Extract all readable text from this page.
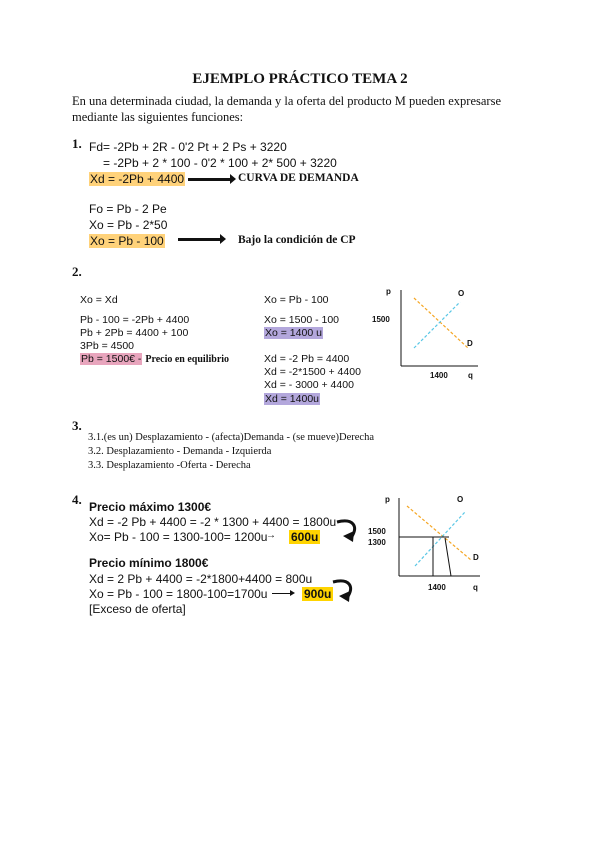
EJEMPLO PRÁCTICO TEMA 2
En una determinada ciudad, la demanda y la oferta del producto M pueden expresarse
mediante las siguientes funciones:
1. Fd= -2Pb + 2R - 0'2 Pt + 2 Ps + 3220
= -2Pb + 2 * 100 - 0'2 * 100 + 2* 500 + 3220
Xd = -2Pb + 4400	CURVA DE DEMANDA
Fo = Pb - 2 Pe
Xo = Pb - 2*50
Xo = Pb - 100	Bajo la condición de CP
2.
Xo = Xd
Pb - 100 = -2Pb + 4400
Pb + 2Pb = 4400 + 100
3Pb = 4500
Pb = 1500€ - Precio en equilibrio
Xo = Pb - 100
Xo = 1500 - 100
Xo = 1400 u
Xd = -2 Pb = 4400
Xd = -2*1500 + 4400
Xd = - 3000 + 4400
Xd = 1400u
p
q
O
D
1500
1400
3.
3.1.(es un) Desplazamiento - (afecta)Demanda - (se mueve)Derecha
3.2. Desplazamiento - Demanda - Izquierda
3.3. Desplazamiento -Oferta - Derecha
4. Precio máximo 1300€
Xd = -2 Pb + 4400 = -2 * 1300 + 4400 = 1800u
Xo= Pb - 100 = 1300-100= 1200u
→ 600u
Precio mínimo 1800€
Xd = 2 Pb + 4400 = -2*1800+4400 = 800u
Xo = Pb - 100 = 1800-100=1700u	900u
[Exceso de oferta]
p
q
O
D
1500
1300
1400
